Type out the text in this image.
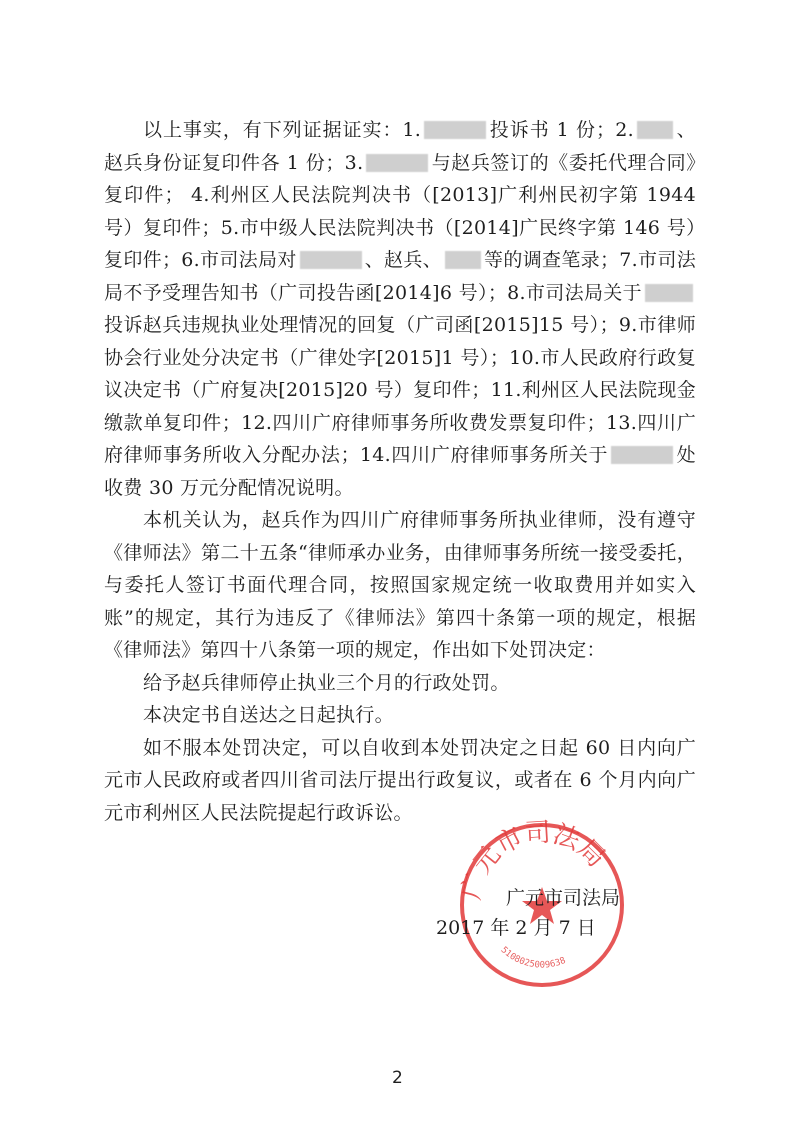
以上事实，有下列证据证实：1.	投诉书 1 份；2. 、赵兵身份证复印件各 1 份；3.	与赵兵签订的《委托代理合同》复印件； 4.利州区人民法院判决书（[2013]广利州民初字第 1944 号）复印件；5.市中级人民法院判决书（[2014]广民终字第 146 号）复印件；6.市司法局对	、赵兵、 等的调查笔录；7.市司法局不予受理告知书（广司投告函[2014]6 号）；8.市司法局关于投诉赵兵违规执业处理情况的回复（广司函[2015]15 号）；9.市律师协会行业处分决定书（广律处字[2015]1 号）；10.市人民政府行政复议决定书（广府复决[2015]20 号）复印件；11.利州区人民法院现金缴款单复印件；12.四川广府律师事务所收费发票复印件；13.四川广府律师事务所收入分配办法；14.四川广府律师事务所关于	处收费 30 万元分配情况说明。

本机关认为，赵兵作为四川广府律师事务所执业律师，没有遵守《律师法》第二十五条“律师承办业务，由律师事务所统一接受委托，与委托人签订书面代理合同，按照国家规定统一收取费用并如实入账”的规定，其行为违反了《律师法》第四十条第一项的规定，根据《律师法》第四十八条第一项的规定，作出如下处罚决定：

给予赵兵律师停止执业三个月的行政处罚。

本决定书自送达之日起执行。

如不服本处罚决定，可以自收到本处罚决定之日起 60 日内向广元市人民政府或者四川省司法厅提出行政复议，或者在 6 个月内向广元市利州区人民法院提起行政诉讼。

广元市司法局
5108025009638
广元市司法局
2017 年 2 月 7 日
2
